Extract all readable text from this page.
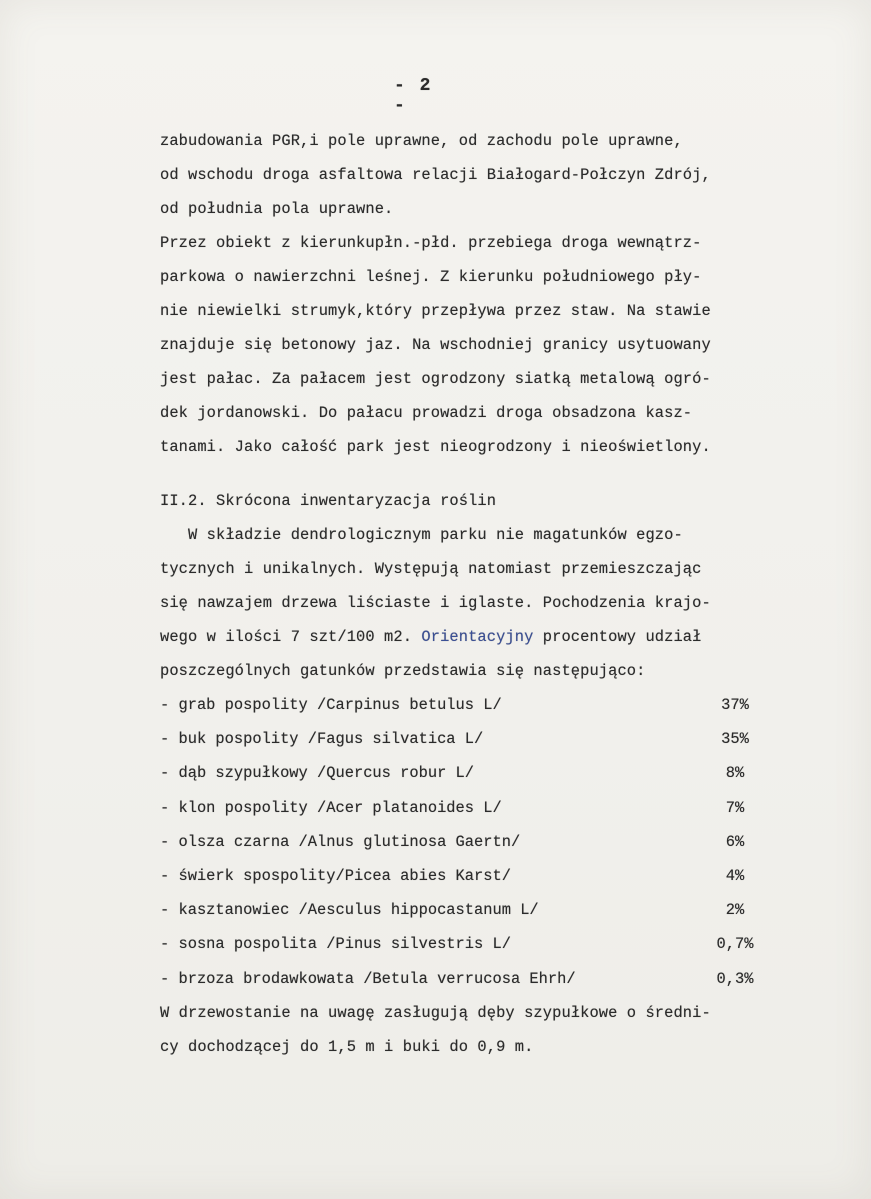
- 2 -
zabudowania PGR,i pole uprawne, od zachodu pole uprawne,
od wschodu droga asfaltowa relacji Białogard-Połczyn Zdrój,
od południa pola uprawne.
Przez obiekt z kierunkupłn.-płd. przebiega droga wewnątrz-
parkowa o nawierzchni leśnej. Z kierunku południowego pły-
nie niewielki strumyk,który przepływa przez staw. Na stawie
znajduje się betonowy jaz. Na wschodniej granicy usytuowany
jest pałac. Za pałacem jest ogrodzony siatką metalową ogró-
dek jordanowski. Do pałacu prowadzi droga obsadzona kasz-
tanami. Jako całość park jest nieogrodzony i nieoświetlony.
II.2. Skrócona inwentaryzacja roślin
W składzie dendrologicznym parku nie magatunków egzo-
tycznych i unikalnych. Występują natomiast przemieszczając
się nawzajem drzewa liściaste i iglaste. Pochodzenia krajo-
wego w ilości 7 szt/100 m2. Orientacyjny procentowy udział
poszczególnych gatunków przedstawia się następująco:
- grab pospolity /Carpinus betulus L/	37%
- buk pospolity /Fagus silvatica L/	35%
- dąb szypułkowy /Quercus robur L/	8%
- klon pospolity /Acer platanoides L/	7%
- olsza czarna /Alnus glutinosa Gaertn/	6%
- świerk spospolity/Picea abies Karst/	4%
- kasztanowiec /Aesculus hippocastanum L/	2%
- sosna pospolita /Pinus silvestris L/	0,7%
- brzoza brodawkowata /Betula verrucosa Ehrh/	0,3%
W drzewostanie na uwagę zasługują dęby szypułkowe o średni-
cy dochodzącej do 1,5 m i buki do 0,9 m.
